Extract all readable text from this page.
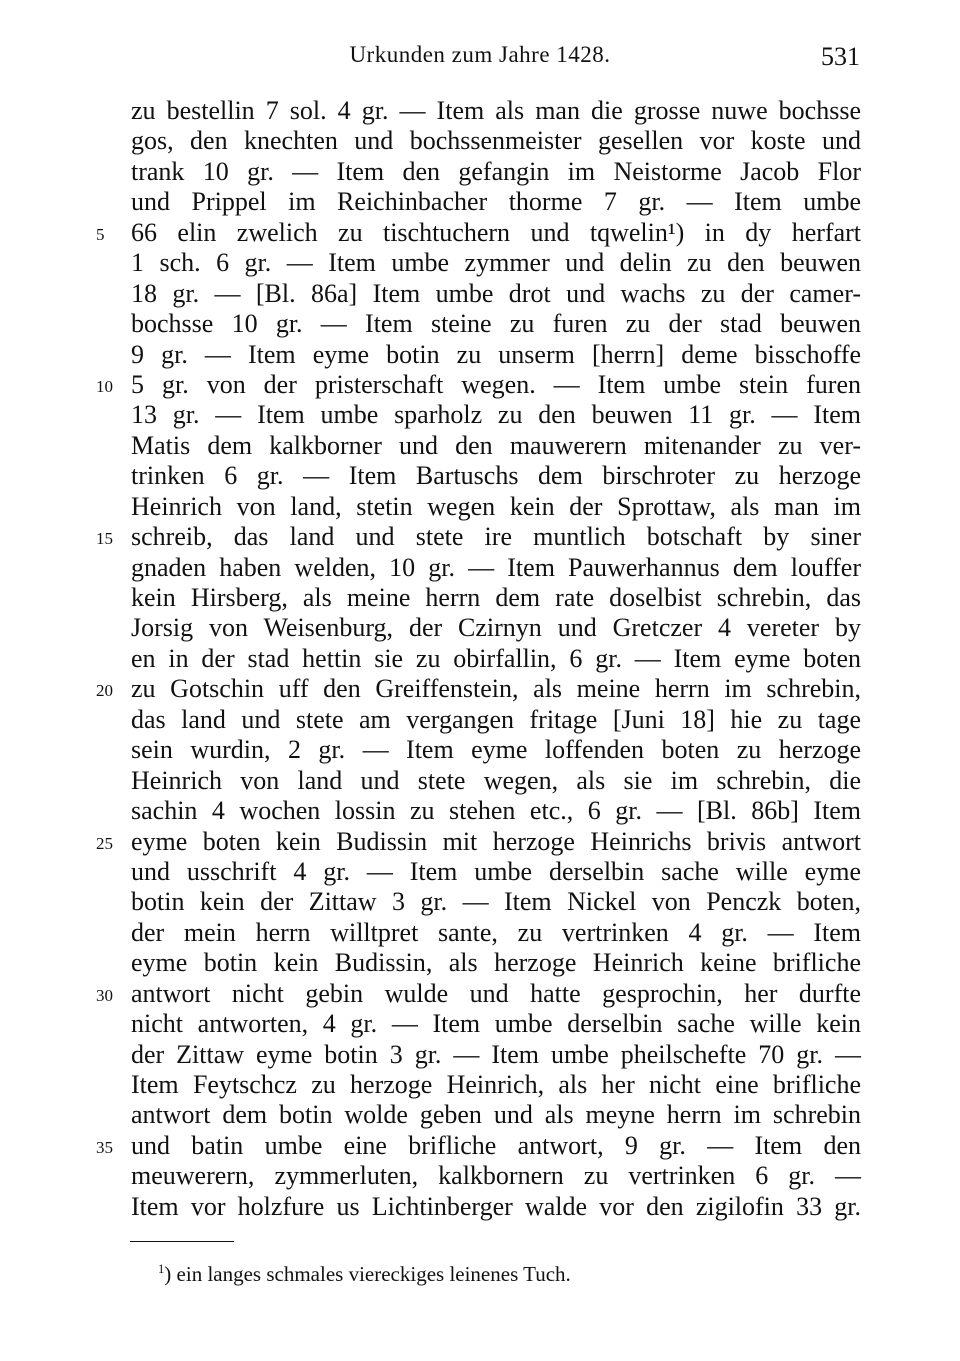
Urkunden zum Jahre 1428.	531
zu bestellin 7 sol. 4 gr. — Item als man die grosse nuwe bochsse
gos, den knechten und bochssenmeister gesellen vor koste und
trank 10 gr. — Item den gefangin im Neistorme Jacob Flor
und Prippel im Reichinbacher thorme 7 gr. — Item umbe
5	66 elin zwelich zu tischtuchern und tqwelin¹) in dy herfart
1 sch. 6 gr. — Item umbe zymmer und delin zu den beuwen
18 gr. — [Bl. 86a] Item umbe drot und wachs zu der camer-
bochsse 10 gr. — Item steine zu furen zu der stad beuwen
9 gr. — Item eyme botin zu unserm [herrn] deme bisschoffe
10 5 gr. von der pristerschaft wegen. — Item umbe stein furen
13 gr. — Item umbe sparholz zu den beuwen 11 gr. — Item
Matis dem kalkborner und den mauwerern mitenander zu ver-
trinken 6 gr. — Item Bartuschs dem birschroter zu herzoge
Heinrich von land, stetin wegen kein der Sprottaw, als man im
15 schreib, das land und stete ire muntlich botschaft by siner
gnaden haben welden, 10 gr. — Item Pauwerhannus dem louffer
kein Hirsberg, als meine herrn dem rate doselbist schrebin, das
Jorsig von Weisenburg, der Czirnyn und Gretczer 4 vereter by
en in der stad hettin sie zu obirfallin, 6 gr. — Item eyme boten
20 zu Gotschin uff den Greiffenstein, als meine herrn im schrebin,
das land und stete am vergangen fritage [Juni 18] hie zu tage
sein wurdin, 2 gr. — Item eyme loffenden boten zu herzoge
Heinrich von land und stete wegen, als sie im schrebin, die
sachin 4 wochen lossin zu stehen etc., 6 gr. — [Bl. 86b] Item
25 eyme boten kein Budissin mit herzoge Heinrichs brivis antwort
und usschrift 4 gr. — Item umbe derselbin sache wille eyme
botin kein der Zittaw 3 gr. — Item Nickel von Penczk boten,
der mein herrn willtpret sante, zu vertrinken 4 gr. — Item
eyme botin kein Budissin, als herzoge Heinrich keine brifliche
30 antwort nicht gebin wulde und hatte gesprochin, her durfte
nicht antworten, 4 gr. — Item umbe derselbin sache wille kein
der Zittaw eyme botin 3 gr. — Item umbe pheilschefte 70 gr. —
Item Feytschcz zu herzoge Heinrich, als her nicht eine brifliche
antwort dem botin wolde geben und als meyne herrn im schrebin
35 und batin umbe eine brifliche antwort, 9 gr. — Item den
meuwerern, zymmerluten, kalkbornern zu vertrinken 6 gr. —
Item vor holzfure us Lichtinberger walde vor den zigilofin 33 gr.
$^1$) ein langes schmales viereckiges leinenes Tuch.
